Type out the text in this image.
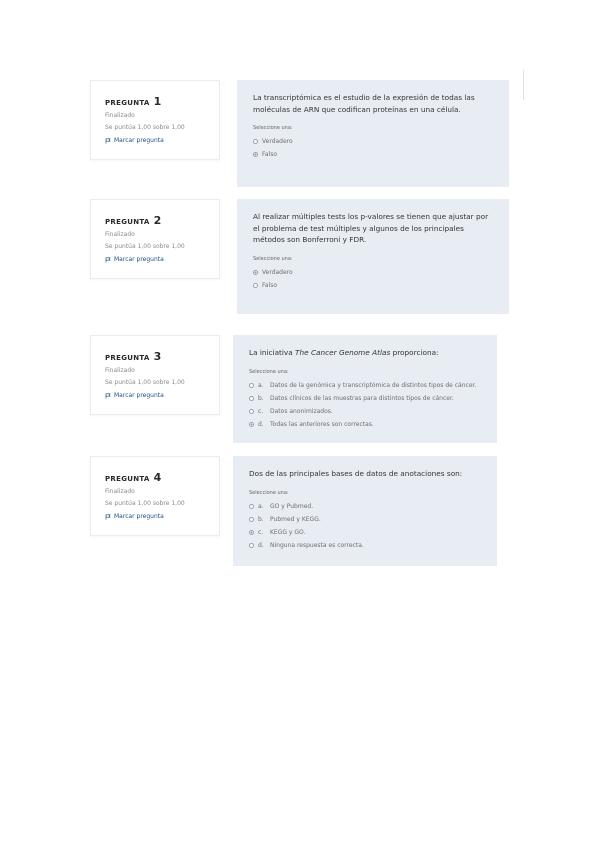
PREGUNTA 1
Finalizado
Se puntúa 1,00 sobre 1,00
Marcar pregunta
La transcriptómica es el estudio de la expresión de todas las moléculas de ARN que codifican proteínas en una célula.
Seleccione una:
Verdadero
Falso
PREGUNTA 2
Finalizado
Se puntúa 1,00 sobre 1,00
Marcar pregunta
Al realizar múltiples tests los p-valores se tienen que ajustar por el problema de test múltiples y algunos de los principales métodos son Bonferroni y FDR.
Seleccione una:
Verdadero
Falso
PREGUNTA 3
Finalizado
Se puntúa 1,00 sobre 1,00
Marcar pregunta
La iniciativa The Cancer Genome Atlas proporciona:
Seleccione una:
a.	Datos de la genómica y transcriptómica de distintos tipos de cáncer.
b.	Datos clínicos de las muestras para distintos tipos de cáncer.
c.	Datos anonimizados.
d.	Todas las anteriores son correctas.
PREGUNTA 4
Finalizado
Se puntúa 1,00 sobre 1,00
Marcar pregunta
Dos de las principales bases de datos de anotaciones son:
Seleccione una:
a.	GO y Pubmed.
b.	Pubmed y KEGG.
c.	KEGG y GO.
d.	Ninguna respuesta es correcta.
